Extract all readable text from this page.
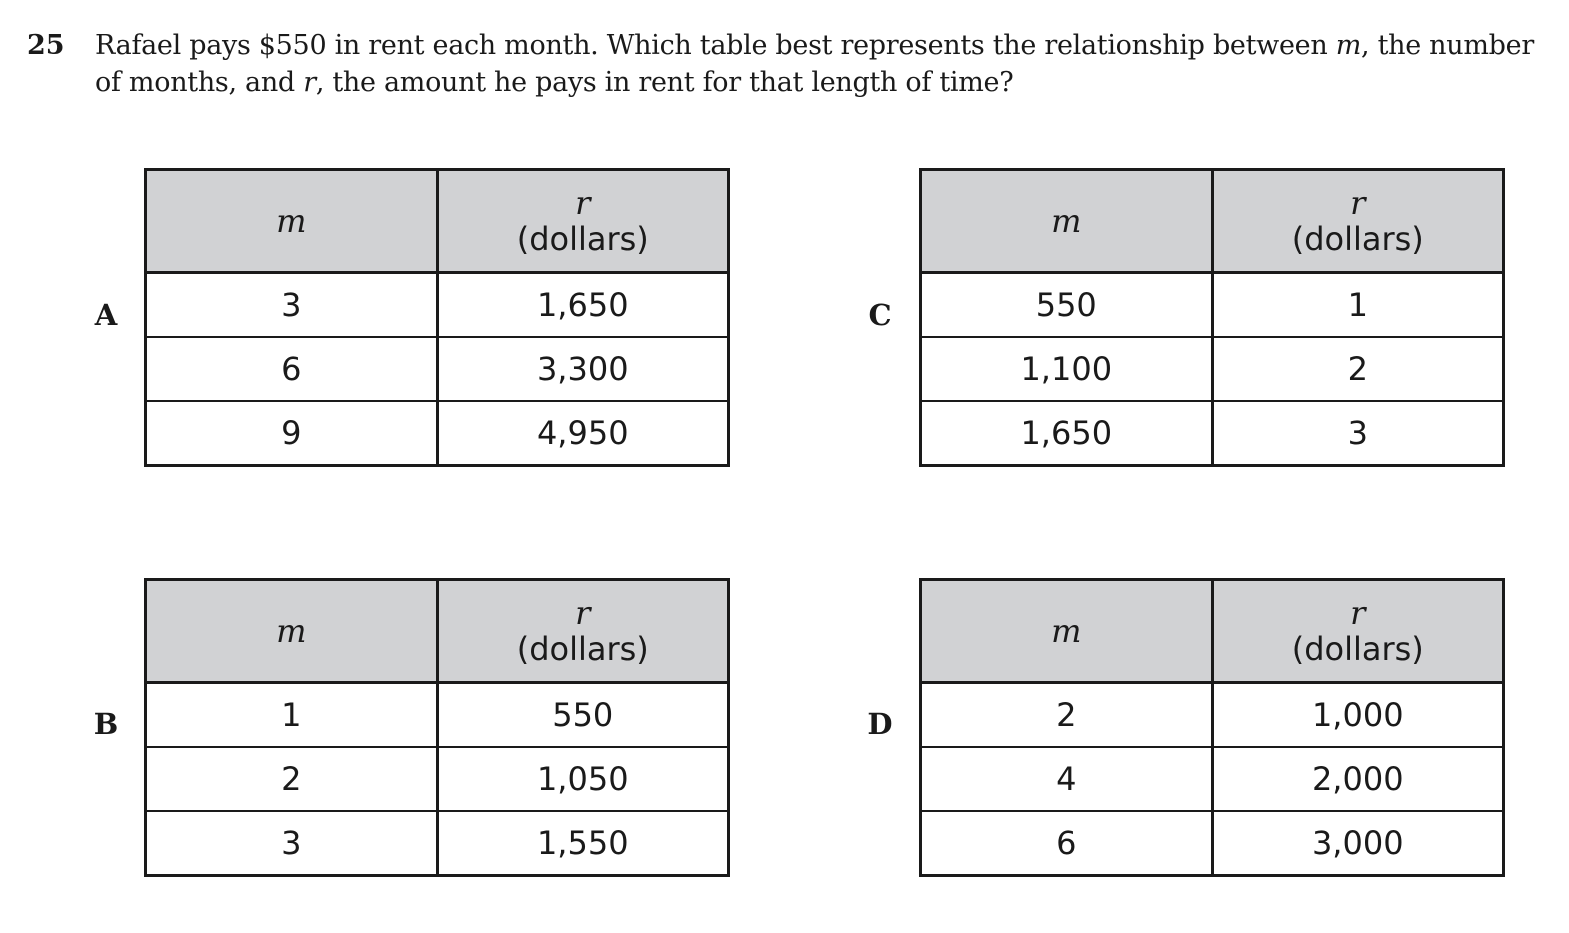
25 Rafael pays $550 in rent each month. Which table best represents the relationship between m, the number of months, and r, the amount he pays in rent for that length of time?
A
m	r
(dollars)

3	1,650
6	3,300
9	4,950
B
m	r
(dollars)

1	550
2	1,050
3	1,550
C
m	r
(dollars)

550	1
1,100	2
1,650	3
D
m	r
(dollars)

2	1,000
4	2,000
6	3,000
